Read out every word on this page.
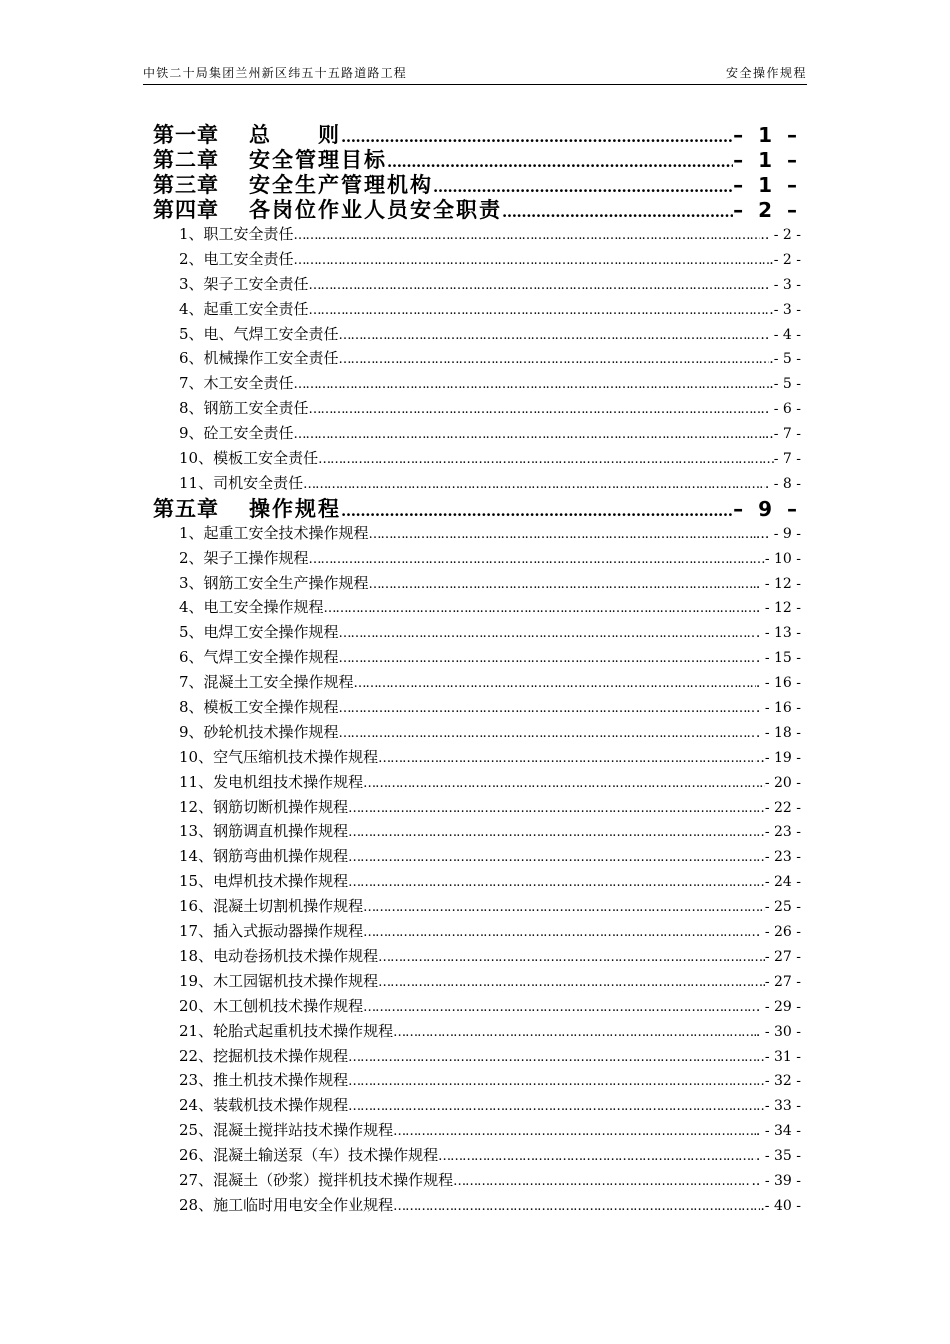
中铁二十局集团兰州新区纬五十五路道路工程	安全操作规程
第一章 总　　则 ………………………………………………………………………………………………………………………………………………………………………………………………………………………………………	– 1 –
第二章 安全管理目标 ………………………………………………………………………………………………………………………………………………………………………………………………………………………………………	– 1 –
第三章 安全生产管理机构 ………………………………………………………………………………………………………………………………………………………………………………………………………………………………………	– 1 –
第四章 各岗位作业人员安全职责 ………………………………………………………………………………………………………………………………………………………………………………………………………………………………………	– 2 –
1、职工安全责任 ………………………………………………………………………………………………………………………………………………………………………………………………………………………………………	.. - 2 -
2、电工安全责任 ………………………………………………………………………………………………………………………………………………………………………………………………………………………………………	.- 2 -
3、架子工安全责任 ………………………………………………………………………………………………………………………………………………………………………………………………………………………………………	.. - 3 -
4、起重工安全责任 ………………………………………………………………………………………………………………………………………………………………………………………………………………………………………	.- 3 -
5、电、气焊工安全责任 ………………………………………………………………………………………………………………………………………………………………………………………………………………………………………	.. - 4 -
6、机械操作工安全责任 ………………………………………………………………………………………………………………………………………………………………………………………………………………………………………	.- 5 -
7、木工安全责任 ………………………………………………………………………………………………………………………………………………………………………………………………………………………………………	.- 5 -
8、钢筋工安全责任 ………………………………………………………………………………………………………………………………………………………………………………………………………………………………………	.. - 6 -
9、砼工安全责任 ………………………………………………………………………………………………………………………………………………………………………………………………………………………………………	..- 7 -
10、模板工安全责任 ………………………………………………………………………………………………………………………………………………………………………………………………………………………………………	- 7 -
11、司机安全责任 ………………………………………………………………………………………………………………………………………………………………………………………………………………………………………	. - 8 -
第五章 操作规程 ………………………………………………………………………………………………………………………………………………………………………………………………………………………………………	– 9 –
1、起重工安全技术操作规程 ………………………………………………………………………………………………………………………………………………………………………………………………………………………………………	... - 9 -
2、架子工操作规程 ………………………………………………………………………………………………………………………………………………………………………………………………………………………………………	- 10 -
3、钢筋工安全生产操作规程 ………………………………………………………………………………………………………………………………………………………………………………………………………………………………………	. - 12 -
4、电工安全操作规程 ………………………………………………………………………………………………………………………………………………………………………………………………………………………………………	. - 12 -
5、电焊工安全操作规程 ………………………………………………………………………………………………………………………………………………………………………………………………………………………………………	. - 13 -
6、气焊工安全操作规程 ………………………………………………………………………………………………………………………………………………………………………………………………………………………………………	. - 15 -
7、混凝土工安全操作规程 ………………………………………………………………………………………………………………………………………………………………………………………………………………………………………	. - 16 -
8、模板工安全操作规程 ………………………………………………………………………………………………………………………………………………………………………………………………………………………………………	. - 16 -
9、砂轮机技术操作规程 ………………………………………………………………………………………………………………………………………………………………………………………………………………………………………	. - 18 -
10、空气压缩机技术操作规程 ………………………………………………………………………………………………………………………………………………………………………………………………………………………………………	..- 19 -
11、发电机组技术操作规程 ………………………………………………………………………………………………………………………………………………………………………………………………………………………………………	- 20 -
12、钢筋切断机操作规程 ………………………………………………………………………………………………………………………………………………………………………………………………………………………………………	- 22 -
13、钢筋调直机操作规程 ………………………………………………………………………………………………………………………………………………………………………………………………………………………………………	- 23 -
14、钢筋弯曲机操作规程 ………………………………………………………………………………………………………………………………………………………………………………………………………………………………………	- 23 -
15、电焊机技术操作规程 ………………………………………………………………………………………………………………………………………………………………………………………………………………………………………	- 24 -
16、混凝土切割机操作规程 ………………………………………………………………………………………………………………………………………………………………………………………………………………………………………	- 25 -
17、插入式振动器操作规程 ………………………………………………………………………………………………………………………………………………………………………………………………………………………………………	. - 26 -
18、电动卷扬机技术操作规程 ………………………………………………………………………………………………………………………………………………………………………………………………………………………………………	- 27 -
19、木工园锯机技术操作规程 ………………………………………………………………………………………………………………………………………………………………………………………………………………………………………	- 27 -
20、木工刨机技术操作规程 ………………………………………………………………………………………………………………………………………………………………………………………………………………………………………	. - 29 -
21、轮胎式起重机技术操作规程 ………………………………………………………………………………………………………………………………………………………………………………………………………………………………………	. - 30 -
22、挖掘机技术操作规程 ………………………………………………………………………………………………………………………………………………………………………………………………………………………………………	- 31 -
23、推土机技术操作规程 ………………………………………………………………………………………………………………………………………………………………………………………………………………………………………	- 32 -
24、装载机技术操作规程 ………………………………………………………………………………………………………………………………………………………………………………………………………………………………………	- 33 -
25、混凝土搅拌站技术操作规程 ………………………………………………………………………………………………………………………………………………………………………………………………………………………………………	. - 34 -
26、混凝土输送泵（车）技术操作规程 ………………………………………………………………………………………………………………………………………………………………………………………………………………………………………	. - 35 -
27、混凝土（砂浆）搅拌机技术操作规程 ………………………………………………………………………………………………………………………………………………………………………………………………………………………………………	.. - 39 -
28、施工临时用电安全作业规程 ………………………………………………………………………………………………………………………………………………………………………………………………………………………………………	.- 40 -
